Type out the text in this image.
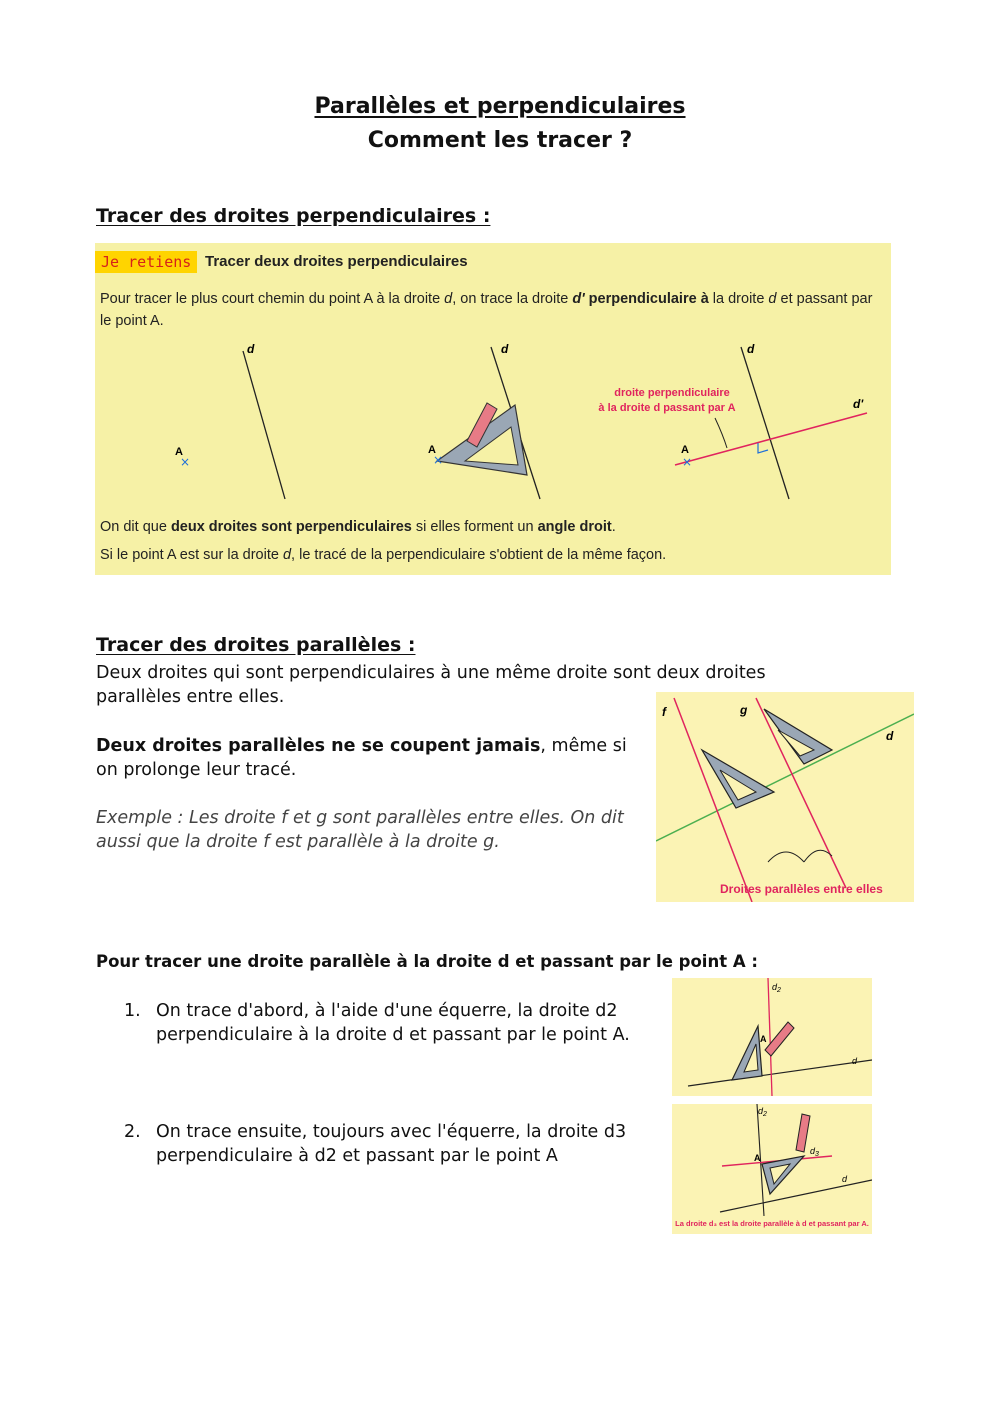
Parallèles et perpendiculaires
Comment les tracer ?
Tracer des droites perpendiculaires :
Je retiens Tracer deux droites perpendiculaires
Pour tracer le plus court chemin du point A à la droite d, on trace la droite d' perpendiculaire à la droite d et passant par le point A.
d
A
×
d
A
×
d
d'
A
×
droite perpendiculaire
à la droite d passant par A
On dit que deux droites sont perpendiculaires si elles forment un angle droit.
Si le point A est sur la droite d, le tracé de la perpendiculaire s'obtient de la même façon.
Tracer des droites parallèles :

Deux droites qui sont perpendiculaires à une même droite sont deux droites parallèles entre elles.

Deux droites parallèles ne se coupent jamais, même si on prolonge leur tracé.

Exemple : Les droite f et g sont parallèles entre elles. On dit aussi que la droite f est parallèle à la droite g.

f	g
d
Droites parallèles entre elles

Pour tracer une droite parallèle à la droite d et passant par le point A :

1. On trace d'abord, à l'aide d'une équerre, la droite d2 perpendiculaire à la droite d et passant par le point A.
2. On trace ensuite, toujours avec l'équerre, la droite d3 perpendiculaire à d2 et passant par le point A
$d_2$
A
d
$d_2$
$d_3$
A
d
La droite d₃ est la droite parallèle à d et passant par A.
